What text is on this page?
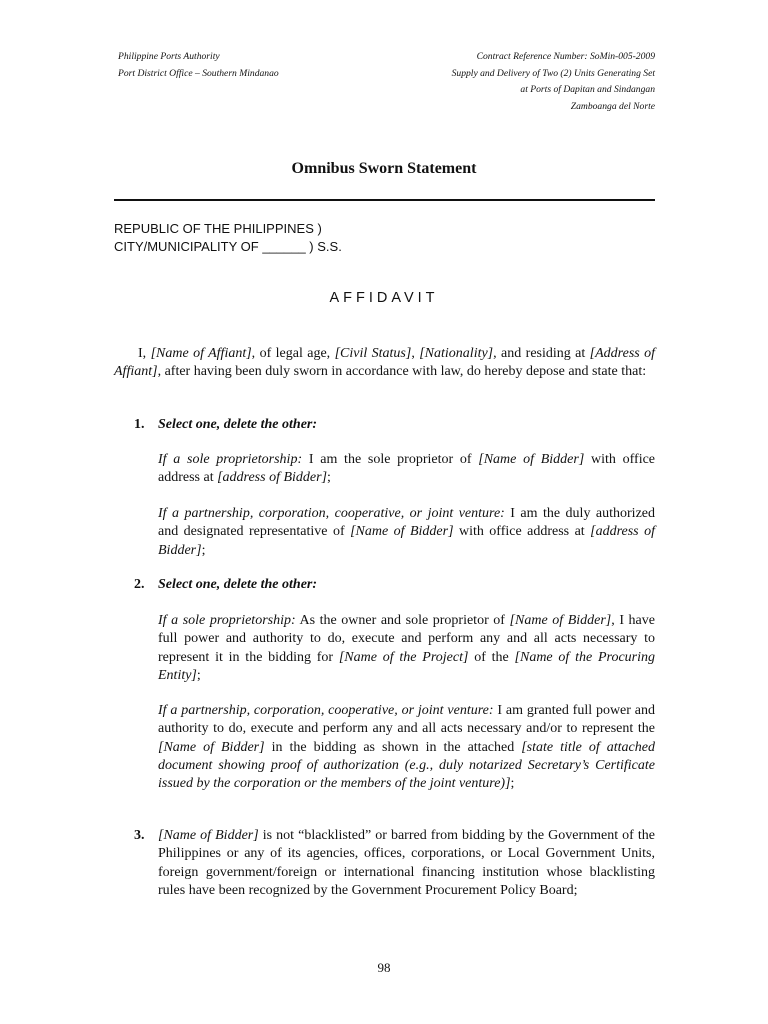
Philippine Ports Authority
Port District Office – Southern Mindanao
Contract Reference Number: SoMin-005-2009
Supply and Delivery of Two (2) Units Generating Set
at Ports of Dapitan and Sindangan
Zamboanga del Norte
Omnibus Sworn Statement
REPUBLIC OF THE PHILIPPINES )
CITY/MUNICIPALITY OF ______ ) S.S.
AFFIDAVIT

I, [Name of Affiant], of legal age, [Civil Status], [Nationality], and residing at [Address of Affiant], after having been duly sworn in accordance with law, do hereby depose and state that:

1. Select one, delete the other:
If a sole proprietorship: I am the sole proprietor of [Name of Bidder] with office address at [address of Bidder];
If a partnership, corporation, cooperative, or joint venture: I am the duly authorized and designated representative of [Name of Bidder] with office address at [address of Bidder];
2. Select one, delete the other:
If a sole proprietorship: As the owner and sole proprietor of [Name of Bidder], I have full power and authority to do, execute and perform any and all acts necessary to represent it in the bidding for [Name of the Project] of the [Name of the Procuring Entity];
If a partnership, corporation, cooperative, or joint venture: I am granted full power and authority to do, execute and perform any and all acts necessary and/or to represent the [Name of Bidder] in the bidding as shown in the attached [state title of attached document showing proof of authorization (e.g., duly notarized Secretary’s Certificate issued by the corporation or the members of the joint venture)];
3. [Name of Bidder] is not “blacklisted” or barred from bidding by the Government of the Philippines or any of its agencies, offices, corporations, or Local Government Units, foreign government/foreign or international financing institution whose blacklisting rules have been recognized by the Government Procurement Policy Board;
98
